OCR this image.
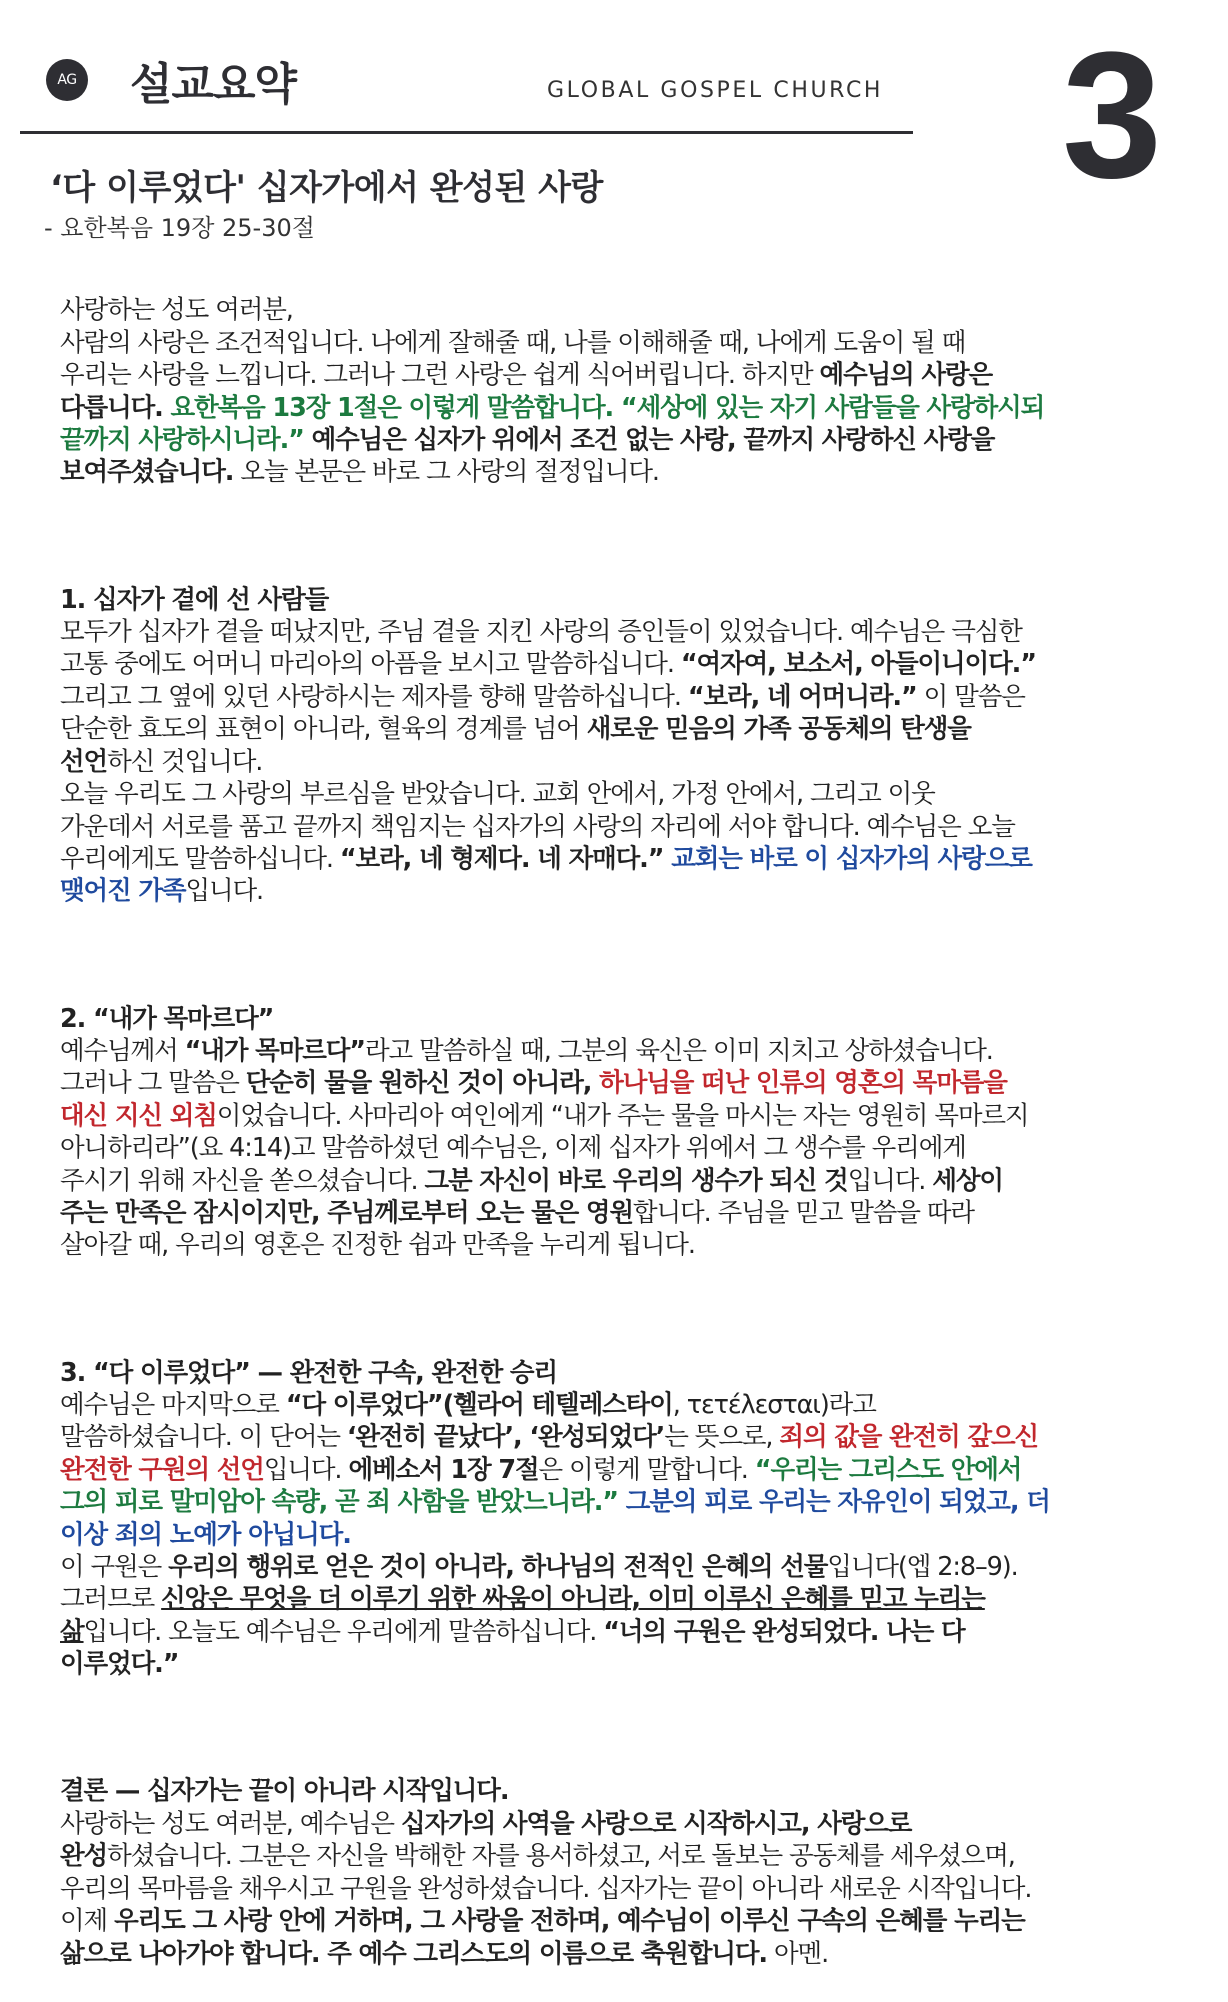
AG 설교요약	GLOBAL GOSPEL CHURCH 3
‘다 이루었다' 십자가에서 완성된 사랑
- 요한복음 19장 25-30절

사랑하는 성도 여러분,
사람의 사랑은 조건적입니다. 나에게 잘해줄 때, 나를 이해해줄 때, 나에게 도움이 될 때
우리는 사랑을 느낍니다. 그러나 그런 사랑은 쉽게 식어버립니다. 하지만 예수님의 사랑은
다릅니다. 요한복음 13장 1절은 이렇게 말씀합니다. “세상에 있는 자기 사람들을 사랑하시되
끝까지 사랑하시니라.” 예수님은 십자가 위에서 조건 없는 사랑, 끝까지 사랑하신 사랑을
보여주셨습니다. 오늘 본문은 바로 그 사랑의 절정입니다.

1. 십자가 곁에 선 사람들
모두가 십자가 곁을 떠났지만, 주님 곁을 지킨 사랑의 증인들이 있었습니다. 예수님은 극심한
고통 중에도 어머니 마리아의 아픔을 보시고 말씀하십니다. “여자여, 보소서, 아들이니이다.”
그리고 그 옆에 있던 사랑하시는 제자를 향해 말씀하십니다. “보라, 네 어머니라.” 이 말씀은
단순한 효도의 표현이 아니라, 혈육의 경계를 넘어 새로운 믿음의 가족 공동체의 탄생을
선언하신 것입니다.
오늘 우리도 그 사랑의 부르심을 받았습니다. 교회 안에서, 가정 안에서, 그리고 이웃
가운데서 서로를 품고 끝까지 책임지는 십자가의 사랑의 자리에 서야 합니다. 예수님은 오늘
우리에게도 말씀하십니다. “보라, 네 형제다. 네 자매다.” 교회는 바로 이 십자가의 사랑으로
맺어진 가족입니다.

2. “내가 목마르다”
예수님께서 “내가 목마르다”라고 말씀하실 때, 그분의 육신은 이미 지치고 상하셨습니다.
그러나 그 말씀은 단순히 물을 원하신 것이 아니라, 하나님을 떠난 인류의 영혼의 목마름을
대신 지신 외침이었습니다. 사마리아 여인에게 “내가 주는 물을 마시는 자는 영원히 목마르지
아니하리라”(요 4:14)고 말씀하셨던 예수님은, 이제 십자가 위에서 그 생수를 우리에게
주시기 위해 자신을 쏟으셨습니다. 그분 자신이 바로 우리의 생수가 되신 것입니다. 세상이
주는 만족은 잠시이지만, 주님께로부터 오는 물은 영원합니다. 주님을 믿고 말씀을 따라
살아갈 때, 우리의 영혼은 진정한 쉼과 만족을 누리게 됩니다.

3. “다 이루었다” — 완전한 구속, 완전한 승리
예수님은 마지막으로 “다 이루었다”(헬라어 테텔레스타이, τετέλεσται)라고
말씀하셨습니다. 이 단어는 ‘완전히 끝났다’, ‘완성되었다’는 뜻으로, 죄의 값을 완전히 갚으신
완전한 구원의 선언입니다. 에베소서 1장 7절은 이렇게 말합니다. “우리는 그리스도 안에서
그의 피로 말미암아 속량, 곧 죄 사함을 받았느니라.” 그분의 피로 우리는 자유인이 되었고, 더
이상 죄의 노예가 아닙니다.
이 구원은 우리의 행위로 얻은 것이 아니라, 하나님의 전적인 은혜의 선물입니다(엡 2:8–9).
그러므로 신앙은 무엇을 더 이루기 위한 싸움이 아니라, 이미 이루신 은혜를 믿고 누리는
삶입니다. 오늘도 예수님은 우리에게 말씀하십니다. “너의 구원은 완성되었다. 나는 다
이루었다.”

결론 — 십자가는 끝이 아니라 시작입니다.
사랑하는 성도 여러분, 예수님은 십자가의 사역을 사랑으로 시작하시고, 사랑으로
완성하셨습니다. 그분은 자신을 박해한 자를 용서하셨고, 서로 돌보는 공동체를 세우셨으며,
우리의 목마름을 채우시고 구원을 완성하셨습니다. 십자가는 끝이 아니라 새로운 시작입니다.
이제 우리도 그 사랑 안에 거하며, 그 사랑을 전하며, 예수님이 이루신 구속의 은혜를 누리는
삶으로 나아가야 합니다. 주 예수 그리스도의 이름으로 축원합니다. 아멘.
